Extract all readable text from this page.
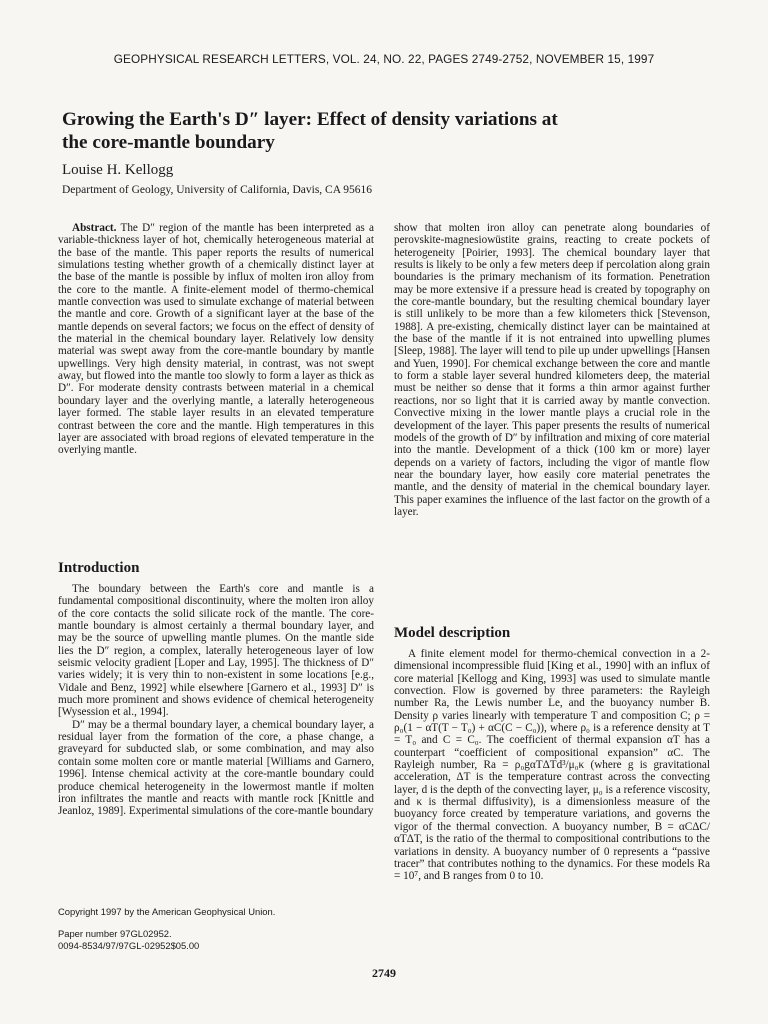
GEOPHYSICAL RESEARCH LETTERS, VOL. 24, NO. 22, PAGES 2749-2752, NOVEMBER 15, 1997
Growing the Earth's D″ layer: Effect of density variations at the core-mantle boundary
Louise H. Kellogg
Department of Geology, University of California, Davis, CA 95616

Abstract. The D″ region of the mantle has been interpreted as a variable-thickness layer of hot, chemically heterogeneous material at the base of the mantle. This paper reports the results of numerical simulations testing whether growth of a chemically distinct layer at the base of the mantle is possible by influx of molten iron alloy from the core to the mantle. A finite-element model of thermo-chemical mantle convection was used to simulate exchange of material between the mantle and core. Growth of a significant layer at the base of the mantle depends on several factors; we focus on the effect of density of the material in the chemical boundary layer. Relatively low density material was swept away from the core-mantle boundary by mantle upwellings. Very high density material, in contrast, was not swept away, but flowed into the mantle too slowly to form a layer as thick as D″. For moderate density contrasts between material in a chemical boundary layer and the overlying mantle, a laterally heterogeneous layer formed. The stable layer results in an elevated temperature contrast between the core and the mantle. High temperatures in this layer are associated with broad regions of elevated temperature in the overlying mantle.

Introduction

The boundary between the Earth's core and mantle is a fundamental compositional discontinuity, where the molten iron alloy of the core contacts the solid silicate rock of the mantle. The core-mantle boundary is almost certainly a thermal boundary layer, and may be the source of upwelling mantle plumes. On the mantle side lies the D″ region, a complex, laterally heterogeneous layer of low seismic velocity gradient [Loper and Lay, 1995]. The thickness of D″ varies widely; it is very thin to non-existent in some locations [e.g., Vidale and Benz, 1992] while elsewhere [Garnero et al., 1993] D″ is much more prominent and shows evidence of chemical heterogeneity [Wysession et al., 1994].

D″ may be a thermal boundary layer, a chemical boundary layer, a residual layer from the formation of the core, a phase change, a graveyard for subducted slab, or some combination, and may also contain some molten core or mantle material [Williams and Garnero, 1996]. Intense chemical activity at the core-mantle boundary could produce chemical heterogeneity in the lowermost mantle if molten iron infiltrates the mantle and reacts with mantle rock [Knittle and Jeanloz, 1989]. Experimental simulations of the core-mantle boundary

show that molten iron alloy can penetrate along boundaries of perovskite-magnesiowüstite grains, reacting to create pockets of heterogeneity [Poirier, 1993]. The chemical boundary layer that results is likely to be only a few meters deep if percolation along grain boundaries is the primary mechanism of its formation. Penetration may be more extensive if a pressure head is created by topography on the core-mantle boundary, but the resulting chemical boundary layer is still unlikely to be more than a few kilometers thick [Stevenson, 1988]. A pre-existing, chemically distinct layer can be maintained at the base of the mantle if it is not entrained into upwelling plumes [Sleep, 1988]. The layer will tend to pile up under upwellings [Hansen and Yuen, 1990]. For chemical exchange between the core and mantle to form a stable layer several hundred kilometers deep, the material must be neither so dense that it forms a thin armor against further reactions, nor so light that it is carried away by mantle convection. Convective mixing in the lower mantle plays a crucial role in the development of the layer. This paper presents the results of numerical models of the growth of D″ by infiltration and mixing of core material into the mantle. Development of a thick (100 km or more) layer depends on a variety of factors, including the vigor of mantle flow near the boundary layer, how easily core material penetrates the mantle, and the density of material in the chemical boundary layer. This paper examines the influence of the last factor on the growth of a layer.

Model description

A finite element model for thermo-chemical convection in a 2-dimensional incompressible fluid [King et al., 1990] with an influx of core material [Kellogg and King, 1993] was used to simulate mantle convection. Flow is governed by three parameters: the Rayleigh number Ra, the Lewis number Le, and the buoyancy number B. Density ρ varies linearly with temperature T and composition C; ρ = ρ₀(1 − αT(T − T₀) + αC(C − C₀)), where ρ₀ is a reference density at T = T₀ and C = C₀. The coefficient of thermal expansion αT has a counterpart “coefficient of compositional expansion” αC. The Rayleigh number, Ra = ρ₀gαTΔTd³/μ₀κ (where g is gravitational acceleration, ΔT is the temperature contrast across the convecting layer, d is the depth of the convecting layer, μ₀ is a reference viscosity, and κ is thermal diffusivity), is a dimensionless measure of the buoyancy force created by temperature variations, and governs the vigor of the thermal convection. A buoyancy number, B = αCΔC/αTΔT, is the ratio of the thermal to compositional contributions to the variations in density. A buoyancy number of 0 represents a “passive tracer” that contributes nothing to the dynamics. For these models Ra = 10⁷, and B ranges from 0 to 10.

Copyright 1997 by the American Geophysical Union.
Paper number 97GL02952.
0094-8534/97/97GL-02952$05.00
2749
